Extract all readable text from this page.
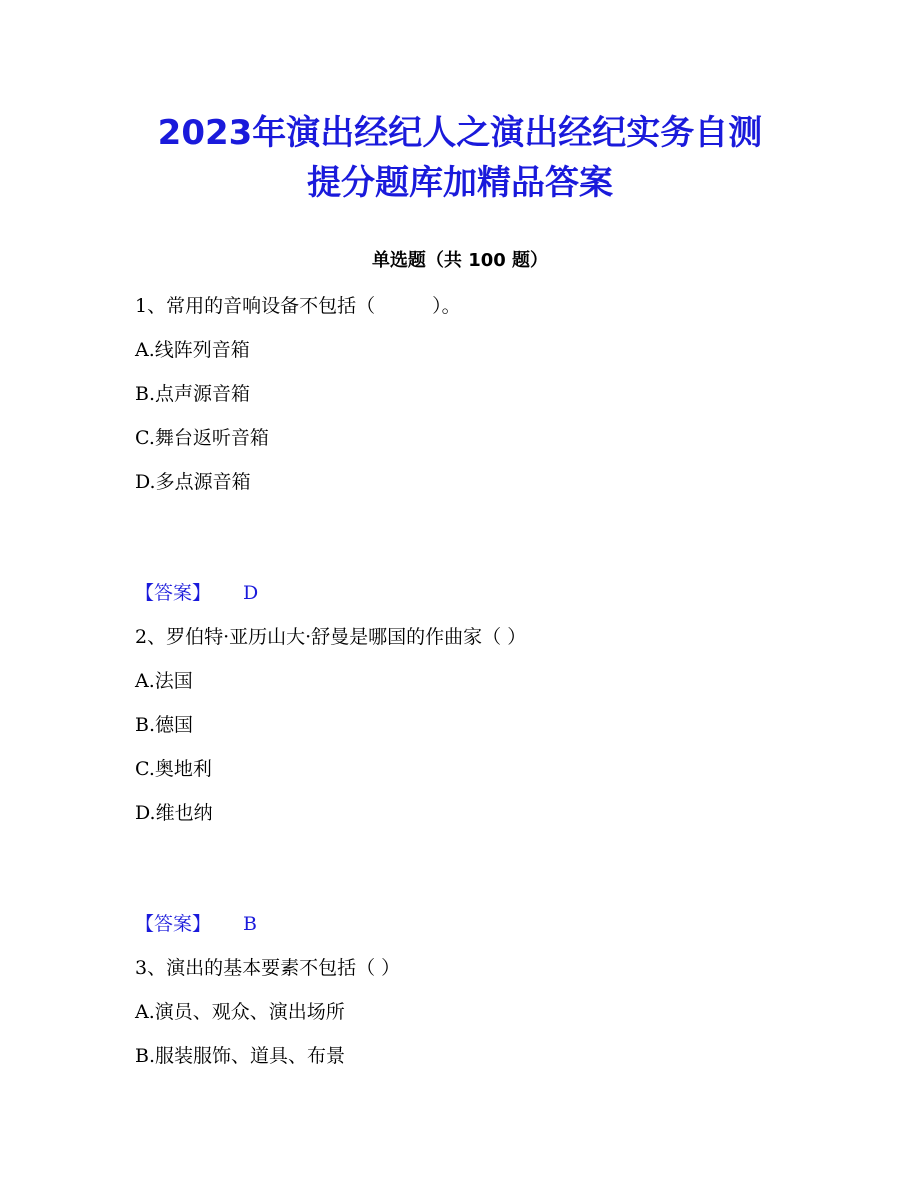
2023年演出经纪人之演出经纪实务自测
提分题库加精品答案
单选题（共 100 题）
1、常用的音响设备不包括（　　　）。
A.线阵列音箱
B.点声源音箱
C.舞台返听音箱
D.多点源音箱
【答案】 D
2、罗伯特·亚历山大·舒曼是哪国的作曲家（ ）
A.法国
B.德国
C.奥地利
D.维也纳
【答案】 B
3、演出的基本要素不包括（ ）
A.演员、观众、演出场所
B.服装服饰、道具、布景
